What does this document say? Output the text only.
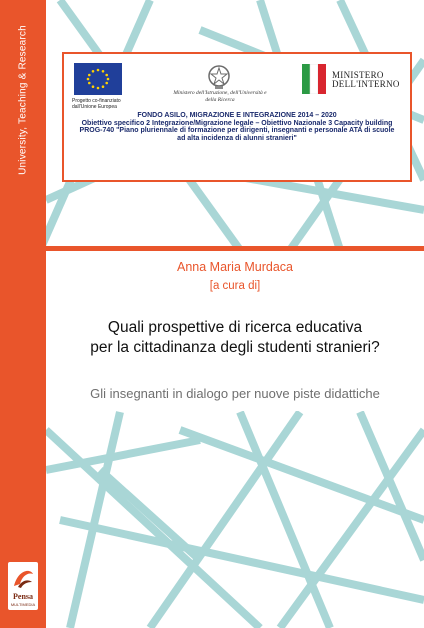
University, Teaching & Research
Pensa
MULTIMEDIA
Progetto co-finanziato dall'Unione Europea
Ministero dell'Istruzione, dell'Università e della Ricerca
MINISTERO
DELL'INTERNO
FONDO ASILO, MIGRAZIONE E INTEGRAZIONE 2014 – 2020
Obiettivo specifico 2 Integrazione/Migrazione legale – Obiettivo Nazionale 3 Capacity building
PROG-740 "Piano pluriennale di formazione per dirigenti, insegnanti e personale ATA di scuole
ad alta incidenza di alunni stranieri"
Anna Maria Murdaca
[a cura di]
Quali prospettive di ricerca educativa
per la cittadinanza degli studenti stranieri?
Gli insegnanti in dialogo per nuove piste didattiche
